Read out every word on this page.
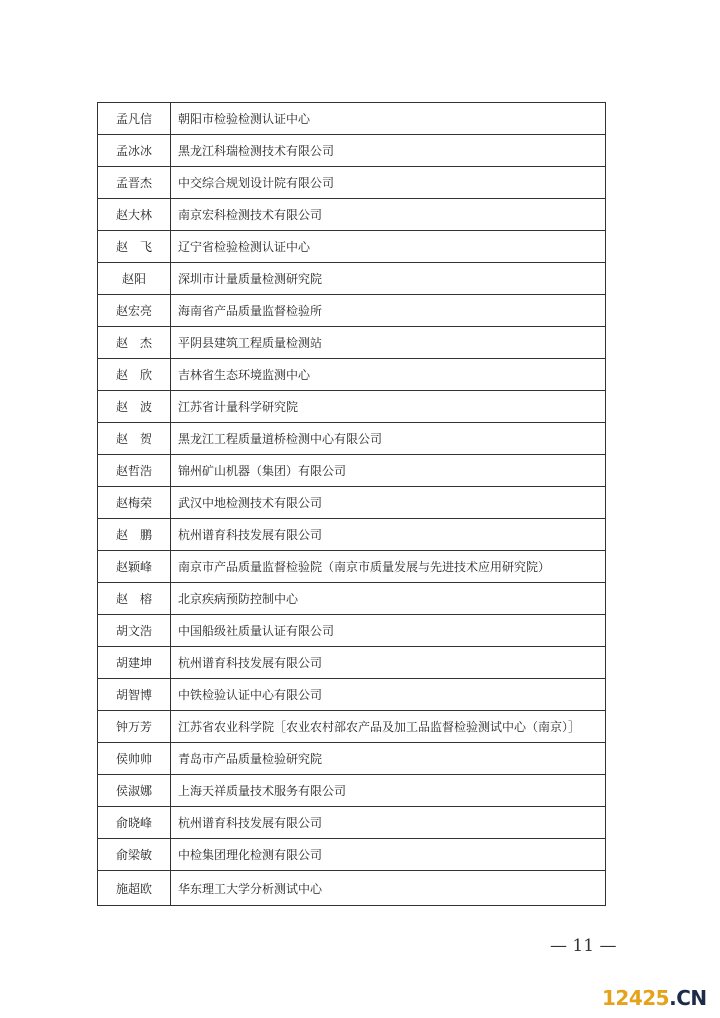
孟凡信	朝阳市检验检测认证中心
孟冰冰	黑龙江科瑞检测技术有限公司
孟晋杰	中交综合规划设计院有限公司
赵大林	南京宏科检测技术有限公司
赵　飞	辽宁省检验检测认证中心
赵阳	深圳市计量质量检测研究院
赵宏亮	海南省产品质量监督检验所
赵　杰	平阴县建筑工程质量检测站
赵　欣	吉林省生态环境监测中心
赵　波	江苏省计量科学研究院
赵　贺	黑龙江工程质量道桥检测中心有限公司
赵哲浩	锦州矿山机器（集团）有限公司
赵梅荣	武汉中地检测技术有限公司
赵　鹏	杭州谱育科技发展有限公司
赵颖峰	南京市产品质量监督检验院（南京市质量发展与先进技术应用研究院）
赵　榕	北京疾病预防控制中心
胡文浩	中国船级社质量认证有限公司
胡建坤	杭州谱育科技发展有限公司
胡智博	中铁检验认证中心有限公司
钟万芳	江苏省农业科学院［农业农村部农产品及加工品监督检验测试中心（南京）］
侯帅帅	青岛市产品质量检验研究院
侯淑娜	上海天祥质量技术服务有限公司
俞晓峰	杭州谱育科技发展有限公司
俞梁敏	中检集团理化检测有限公司
施超欧	华东理工大学分析测试中心
— 11 —
12425.CN
